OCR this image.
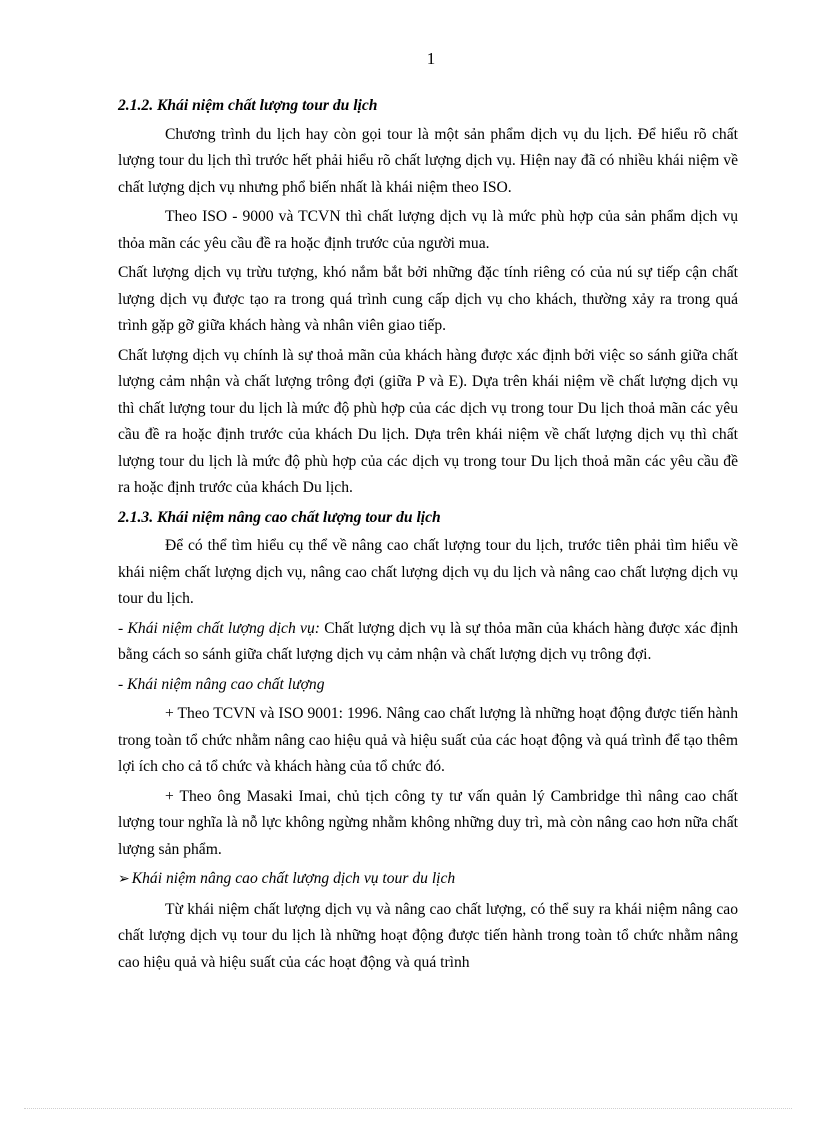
1
2.1.2. Khái niệm chất lượng tour du lịch

Chương trình du lịch hay còn gọi tour là một sản phẩm dịch vụ du lịch. Để hiểu rõ chất lượng tour du lịch thì trước hết phải hiểu rõ chất lượng dịch vụ. Hiện nay đã có nhiều khái niệm về chất lượng dịch vụ nhưng phổ biến nhất là khái niệm theo ISO.

Theo ISO - 9000 và TCVN thì chất lượng dịch vụ là mức phù hợp của sản phẩm dịch vụ thỏa mãn các yêu cầu đề ra hoặc định trước của người mua.

Chất lượng dịch vụ trừu tượng, khó nắm bắt bởi những đặc tính riêng có của nú sự tiếp cận chất lượng dịch vụ được tạo ra trong quá trình cung cấp dịch vụ cho khách, thường xảy ra trong quá trình gặp gỡ giữa khách hàng và nhân viên giao tiếp.

Chất lượng dịch vụ chính là sự thoả mãn của khách hàng được xác định bởi việc so sánh giữa chất lượng cảm nhận và chất lượng trông đợi (giữa P và E). Dựa trên khái niệm về chất lượng dịch vụ thì chất lượng tour du lịch là mức độ phù hợp của các dịch vụ trong tour Du lịch thoả mãn các yêu cầu đề ra hoặc định trước của khách Du lịch. Dựa trên khái niệm về chất lượng dịch vụ thì chất lượng tour du lịch là mức độ phù hợp của các dịch vụ trong tour Du lịch thoả mãn các yêu cầu đề ra hoặc định trước của khách Du lịch.

2.1.3. Khái niệm nâng cao chất lượng tour du lịch

Để có thể tìm hiểu cụ thể về nâng cao chất lượng tour du lịch, trước tiên phải tìm hiểu về khái niệm chất lượng dịch vụ, nâng cao chất lượng dịch vụ du lịch và nâng cao chất lượng dịch vụ tour du lịch.

- Khái niệm chất lượng dịch vụ: Chất lượng dịch vụ là sự thỏa mãn của khách hàng được xác định bằng cách so sánh giữa chất lượng dịch vụ cảm nhận và chất lượng dịch vụ trông đợi.

- Khái niệm nâng cao chất lượng

+ Theo TCVN và ISO 9001: 1996. Nâng cao chất lượng là những hoạt động được tiến hành trong toàn tổ chức nhằm nâng cao hiệu quả và hiệu suất của các hoạt động và quá trình để tạo thêm lợi ích cho cả tổ chức và khách hàng của tổ chức đó.

+ Theo ông Masaki Imai, chủ tịch công ty tư vấn quản lý Cambridge thì nâng cao chất lượng tour nghĩa là nỗ lực không ngừng nhằm không những duy trì, mà còn nâng cao hơn nữa chất lượng sản phẩm.

➢ Khái niệm nâng cao chất lượng dịch vụ tour du lịch

Từ khái niệm chất lượng dịch vụ và nâng cao chất lượng, có thể suy ra khái niệm nâng cao chất lượng dịch vụ tour du lịch là những hoạt động được tiến hành trong toàn tổ chức nhằm nâng cao hiệu quả và hiệu suất của các hoạt động và quá trình
